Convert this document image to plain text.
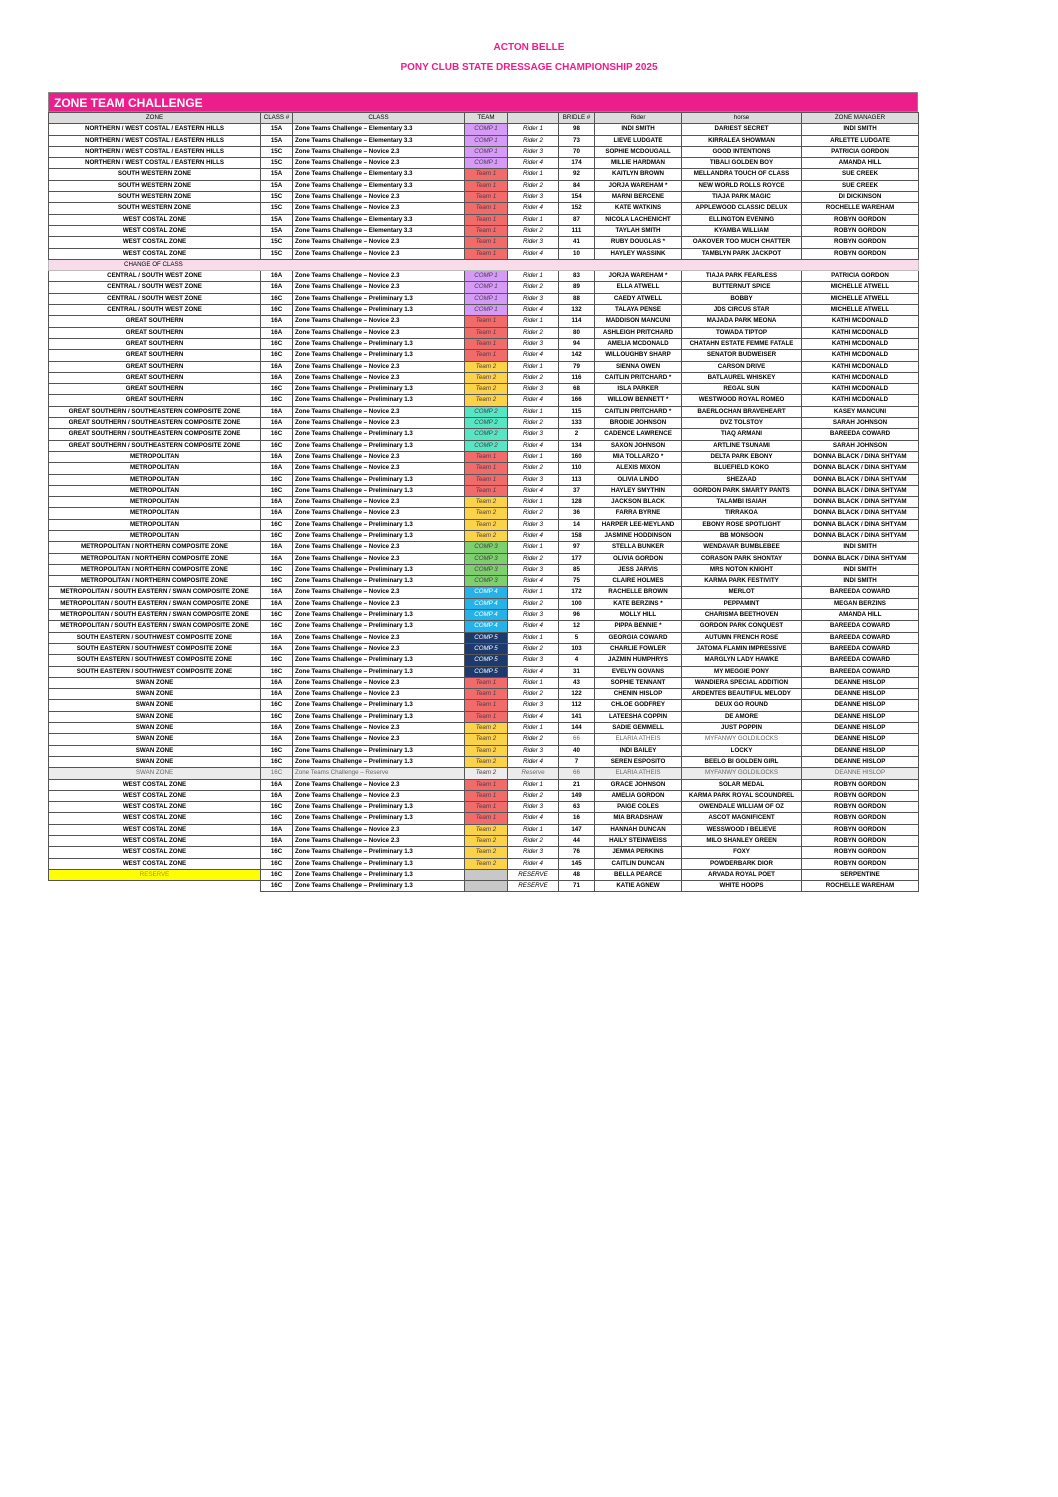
ACTON BELLE
PONY CLUB STATE DRESSAGE CHAMPIONSHIP 2025
ZONE TEAM CHALLENGE
ZONE	CLASS #	CLASS	TEAM		BRIDLE #	Rider	horse	ZONE MANAGER
NORTHERN / WEST COSTAL / EASTERN HILLS	15A	Zone Teams Challenge – Elementary 3.3	COMP 1	Rider 1	98	INDI SMITH	DARIEST SECRET	INDI SMITH
NORTHERN / WEST COSTAL / EASTERN HILLS	15A	Zone Teams Challenge – Elementary 3.3	COMP 1	Rider 2	73	LIEVE LUDGATE	KIRRALEA SHOWMAN	ARLETTE LUDGATE
NORTHERN / WEST COSTAL / EASTERN HILLS	15C	Zone Teams Challenge – Novice 2.3	COMP 1	Rider 3	70	SOPHIE MCDOUGALL	GOOD INTENTIONS	PATRICIA GORDON
NORTHERN / WEST COSTAL / EASTERN HILLS	15C	Zone Teams Challenge – Novice 2.3	COMP 1	Rider 4	174	MILLIE HARDMAN	TIBALI GOLDEN BOY	AMANDA HILL
SOUTH WESTERN ZONE	15A	Zone Teams Challenge – Elementary 3.3	Team 1	Rider 1	92	KAITLYN BROWN	MELLANDRA TOUCH OF CLASS	SUE CREEK
SOUTH WESTERN ZONE	15A	Zone Teams Challenge – Elementary 3.3	Team 1	Rider 2	84	JORJA WAREHAM *	NEW WORLD ROLLS ROYCE	SUE CREEK
SOUTH WESTERN ZONE	15C	Zone Teams Challenge – Novice 2.3	Team 1	Rider 3	154	MARNI BERCENE	TIAJA PARK MAGIC	DI DICKINSON
SOUTH WESTERN ZONE	15C	Zone Teams Challenge – Novice 2.3	Team 1	Rider 4	152	KATE WATKINS	APPLEWOOD CLASSIC DELUX	ROCHELLE WAREHAM
WEST COSTAL ZONE	15A	Zone Teams Challenge – Elementary 3.3	Team 1	Rider 1	87	NICOLA LACHENICHT	ELLINGTON EVENING	ROBYN GORDON
WEST COSTAL ZONE	15A	Zone Teams Challenge – Elementary 3.3	Team 1	Rider 2	111	TAYLAH SMITH	KYAMBA WILLIAM	ROBYN GORDON
WEST COSTAL ZONE	15C	Zone Teams Challenge – Novice 2.3	Team 1	Rider 3	41	RUBY DOUGLAS *	OAKOVER TOO MUCH CHATTER	ROBYN GORDON
WEST COSTAL ZONE	15C	Zone Teams Challenge – Novice 2.3	Team 1	Rider 4	10	HAYLEY WASSINK	TAMBLYN PARK JACKPOT	ROBYN GORDON
CHANGE OF CLASS								
CENTRAL / SOUTH WEST ZONE	16A	Zone Teams Challenge – Novice 2.3	COMP 1	Rider 1	83	JORJA WAREHAM *	TIAJA PARK FEARLESS	PATRICIA GORDON
CENTRAL / SOUTH WEST ZONE	16A	Zone Teams Challenge – Novice 2.3	COMP 1	Rider 2	89	ELLA ATWELL	BUTTERNUT SPICE	MICHELLE ATWELL
CENTRAL / SOUTH WEST ZONE	16C	Zone Teams Challenge – Preliminary 1.3	COMP 1	Rider 3	88	CAEDY ATWELL	BOBBY	MICHELLE ATWELL
CENTRAL / SOUTH WEST ZONE	16C	Zone Teams Challenge – Preliminary 1.3	COMP 1	Rider 4	132	TALAYA PENSE	JDS CIRCUS STAR	MICHELLE ATWELL
GREAT SOUTHERN	16A	Zone Teams Challenge – Novice 2.3	Team 1	Rider 1	114	MADDISON MANCUNI	MAJADA PARK MEONA	KATHI MCDONALD
GREAT SOUTHERN	16A	Zone Teams Challenge – Novice 2.3	Team 1	Rider 2	80	ASHLEIGH PRITCHARD	TOWADA TIPTOP	KATHI MCDONALD
GREAT SOUTHERN	16C	Zone Teams Challenge – Preliminary 1.3	Team 1	Rider 3	94	AMELIA MCDONALD	CHATAHN ESTATE FEMME FATALE	KATHI MCDONALD
GREAT SOUTHERN	16C	Zone Teams Challenge – Preliminary 1.3	Team 1	Rider 4	142	WILLOUGHBY SHARP	SENATOR BUDWEISER	KATHI MCDONALD
GREAT SOUTHERN	16A	Zone Teams Challenge – Novice 2.3	Team 2	Rider 1	79	SIENNA OWEN	CARSON DRIVE	KATHI MCDONALD
GREAT SOUTHERN	16A	Zone Teams Challenge – Novice 2.3	Team 2	Rider 2	116	CAITLIN PRITCHARD *	BATLAUREL WHISKEY	KATHI MCDONALD
GREAT SOUTHERN	16C	Zone Teams Challenge – Preliminary 1.3	Team 2	Rider 3	68	ISLA PARKER	REGAL SUN	KATHI MCDONALD
GREAT SOUTHERN	16C	Zone Teams Challenge – Preliminary 1.3	Team 2	Rider 4	166	WILLOW BENNETT *	WESTWOOD ROYAL ROMEO	KATHI MCDONALD
GREAT SOUTHERN / SOUTHEASTERN COMPOSITE ZONE	16A	Zone Teams Challenge – Novice 2.3	COMP 2	Rider 1	115	CAITLIN PRITCHARD *	BAERLOCHAN BRAVEHEART	KASEY MANCUNI
GREAT SOUTHERN / SOUTHEASTERN COMPOSITE ZONE	16A	Zone Teams Challenge – Novice 2.3	COMP 2	Rider 2	133	BRODIE JOHNSON	DVZ TOLSTOY	SARAH JOHNSON
GREAT SOUTHERN / SOUTHEASTERN COMPOSITE ZONE	16C	Zone Teams Challenge – Preliminary 1.3	COMP 2	Rider 3	2	CADENCE LAWRENCE	TIAQ ARMANI	BAREEDA COWARD
GREAT SOUTHERN / SOUTHEASTERN COMPOSITE ZONE	16C	Zone Teams Challenge – Preliminary 1.3	COMP 2	Rider 4	134	SAXON JOHNSON	ARTLINE TSUNAMI	SARAH JOHNSON
METROPOLITAN	16A	Zone Teams Challenge – Novice 2.3	Team 1	Rider 1	160	MIA TOLLARZO *	DELTA PARK EBONY	DONNA BLACK / DINA SHTYAM
METROPOLITAN	16A	Zone Teams Challenge – Novice 2.3	Team 1	Rider 2	110	ALEXIS MIXON	BLUEFIELD KOKO	DONNA BLACK / DINA SHTYAM
METROPOLITAN	16C	Zone Teams Challenge – Preliminary 1.3	Team 1	Rider 3	113	OLIVIA LINDO	SHEZAAD	DONNA BLACK / DINA SHTYAM
METROPOLITAN	16C	Zone Teams Challenge – Preliminary 1.3	Team 1	Rider 4	37	HAYLEY SMYTHIN	GORDON PARK SMARTY PANTS	DONNA BLACK / DINA SHTYAM
METROPOLITAN	16A	Zone Teams Challenge – Novice 2.3	Team 2	Rider 1	128	JACKSON BLACK	TALAMBI ISAIAH	DONNA BLACK / DINA SHTYAM
METROPOLITAN	16A	Zone Teams Challenge – Novice 2.3	Team 2	Rider 2	36	FARRA BYRNE	TIRRAKOA	DONNA BLACK / DINA SHTYAM
METROPOLITAN	16C	Zone Teams Challenge – Preliminary 1.3	Team 2	Rider 3	14	HARPER LEE-MEYLAND	EBONY ROSE SPOTLIGHT	DONNA BLACK / DINA SHTYAM
METROPOLITAN	16C	Zone Teams Challenge – Preliminary 1.3	Team 2	Rider 4	158	JASMINE HODDINSON	BB MONSOON	DONNA BLACK / DINA SHTYAM
METROPOLITAN / NORTHERN COMPOSITE ZONE	16A	Zone Teams Challenge – Novice 2.3	COMP 3	Rider 1	97	STELLA BUNKER	WENDAVAR BUMBLEBEE	INDI SMITH
METROPOLITAN / NORTHERN COMPOSITE ZONE	16A	Zone Teams Challenge – Novice 2.3	COMP 3	Rider 2	177	OLIVIA GORDON	CORASON PARK SHONTAY	DONNA BLACK / DINA SHTYAM
METROPOLITAN / NORTHERN COMPOSITE ZONE	16C	Zone Teams Challenge – Preliminary 1.3	COMP 3	Rider 3	85	JESS JARVIS	MRS NOTON KNIGHT	INDI SMITH
METROPOLITAN / NORTHERN COMPOSITE ZONE	16C	Zone Teams Challenge – Preliminary 1.3	COMP 3	Rider 4	75	CLAIRE HOLMES	KARMA PARK FESTIVITY	INDI SMITH
METROPOLITAN / SOUTH EASTERN / SWAN COMPOSITE ZONE	16A	Zone Teams Challenge – Novice 2.3	COMP 4	Rider 1	172	RACHELLE BROWN	MERLOT	BAREEDA COWARD
METROPOLITAN / SOUTH EASTERN / SWAN COMPOSITE ZONE	16A	Zone Teams Challenge – Novice 2.3	COMP 4	Rider 2	100	KATE BERZINS *	PEPPAMINT	MEGAN BERZINS
METROPOLITAN / SOUTH EASTERN / SWAN COMPOSITE ZONE	16C	Zone Teams Challenge – Preliminary 1.3	COMP 4	Rider 3	96	MOLLY HILL	CHARISMA BEETHOVEN	AMANDA HILL
METROPOLITAN / SOUTH EASTERN / SWAN COMPOSITE ZONE	16C	Zone Teams Challenge – Preliminary 1.3	COMP 4	Rider 4	12	PIPPA BENNIE *	GORDON PARK CONQUEST	BAREEDA COWARD
SOUTH EASTERN / SOUTHWEST COMPOSITE ZONE	16A	Zone Teams Challenge – Novice 2.3	COMP 5	Rider 1	5	GEORGIA COWARD	AUTUMN FRENCH ROSE	BAREEDA COWARD
SOUTH EASTERN / SOUTHWEST COMPOSITE ZONE	16A	Zone Teams Challenge – Novice 2.3	COMP 5	Rider 2	103	CHARLIE FOWLER	JATOMA FLAMIN IMPRESSIVE	BAREEDA COWARD
SOUTH EASTERN / SOUTHWEST COMPOSITE ZONE	16C	Zone Teams Challenge – Preliminary 1.3	COMP 5	Rider 3	4	JAZMIN HUMPHRYS	MARGLYN LADY HAWKE	BAREEDA COWARD
SOUTH EASTERN / SOUTHWEST COMPOSITE ZONE	16C	Zone Teams Challenge – Preliminary 1.3	COMP 5	Rider 4	31	EVELYN GOVANS	MY MEGGIE PONY	BAREEDA COWARD
SWAN ZONE	16A	Zone Teams Challenge – Novice 2.3	Team 1	Rider 1	43	SOPHIE TENNANT	WANDIERA SPECIAL ADDITION	DEANNE HISLOP
SWAN ZONE	16A	Zone Teams Challenge – Novice 2.3	Team 1	Rider 2	122	CHENIN HISLOP	ARDENTES BEAUTIFUL MELODY	DEANNE HISLOP
SWAN ZONE	16C	Zone Teams Challenge – Preliminary 1.3	Team 1	Rider 3	112	CHLOE GODFREY	DEUX GO ROUND	DEANNE HISLOP
SWAN ZONE	16C	Zone Teams Challenge – Preliminary 1.3	Team 1	Rider 4	141	LATEESHA COPPIN	DE AMORE	DEANNE HISLOP
SWAN ZONE	16A	Zone Teams Challenge – Novice 2.3	Team 2	Rider 1	144	SADIE GEMMELL	JUST POPPIN	DEANNE HISLOP
SWAN ZONE	16A	Zone Teams Challenge – Novice 2.3	Team 2	Rider 2	66	ELARIA ATHEIS	MYFANWY GOLDILOCKS	DEANNE HISLOP
SWAN ZONE	16C	Zone Teams Challenge – Preliminary 1.3	Team 2	Rider 3	40	INDI BAILEY	LOCKY	DEANNE HISLOP
SWAN ZONE	16C	Zone Teams Challenge – Preliminary 1.3	Team 2	Rider 4	7	SEREN ESPOSITO	BEELO BI GOLDEN GIRL	DEANNE HISLOP
SWAN ZONE	16C	Zone Teams Challenge – Reserve	Team 2	Reserve	66	ELARIA ATHEIS	MYFANWY GOLDILOCKS	DEANNE HISLOP
WEST COSTAL ZONE	16A	Zone Teams Challenge – Novice 2.3	Team 1	Rider 1	21	GRACE JOHNSON	SOLAR MEDAL	ROBYN GORDON
WEST COSTAL ZONE	16A	Zone Teams Challenge – Novice 2.3	Team 1	Rider 2	149	AMELIA GORDON	KARMA PARK ROYAL SCOUNDREL	ROBYN GORDON
WEST COSTAL ZONE	16C	Zone Teams Challenge – Preliminary 1.3	Team 1	Rider 3	63	PAIGE COLES	OWENDALE WILLIAM OF OZ	ROBYN GORDON
WEST COSTAL ZONE	16C	Zone Teams Challenge – Preliminary 1.3	Team 1	Rider 4	16	MIA BRADSHAW	ASCOT MAGNIFICENT	ROBYN GORDON
WEST COSTAL ZONE	16A	Zone Teams Challenge – Novice 2.3	Team 2	Rider 1	147	HANNAH DUNCAN	WESSWOOD I BELIEVE	ROBYN GORDON
WEST COSTAL ZONE	16A	Zone Teams Challenge – Novice 2.3	Team 2	Rider 2	44	HAILY STEINWEISS	MILO SHANLEY GREEN	ROBYN GORDON
WEST COSTAL ZONE	16C	Zone Teams Challenge – Preliminary 1.3	Team 2	Rider 3	76	JEMMA PERKINS	FOXY	ROBYN GORDON
WEST COSTAL ZONE	16C	Zone Teams Challenge – Preliminary 1.3	Team 2	Rider 4	145	CAITLIN DUNCAN	POWDERBARK DIOR	ROBYN GORDON
RESERVE	16C	Zone Teams Challenge – Preliminary 1.3		RESERVE	48	BELLA PEARCE	ARVADA ROYAL POET	SERPENTINE
	16C	Zone Teams Challenge – Preliminary 1.3		RESERVE	71	KATIE AGNEW	WHITE HOOPS	ROCHELLE WAREHAM
